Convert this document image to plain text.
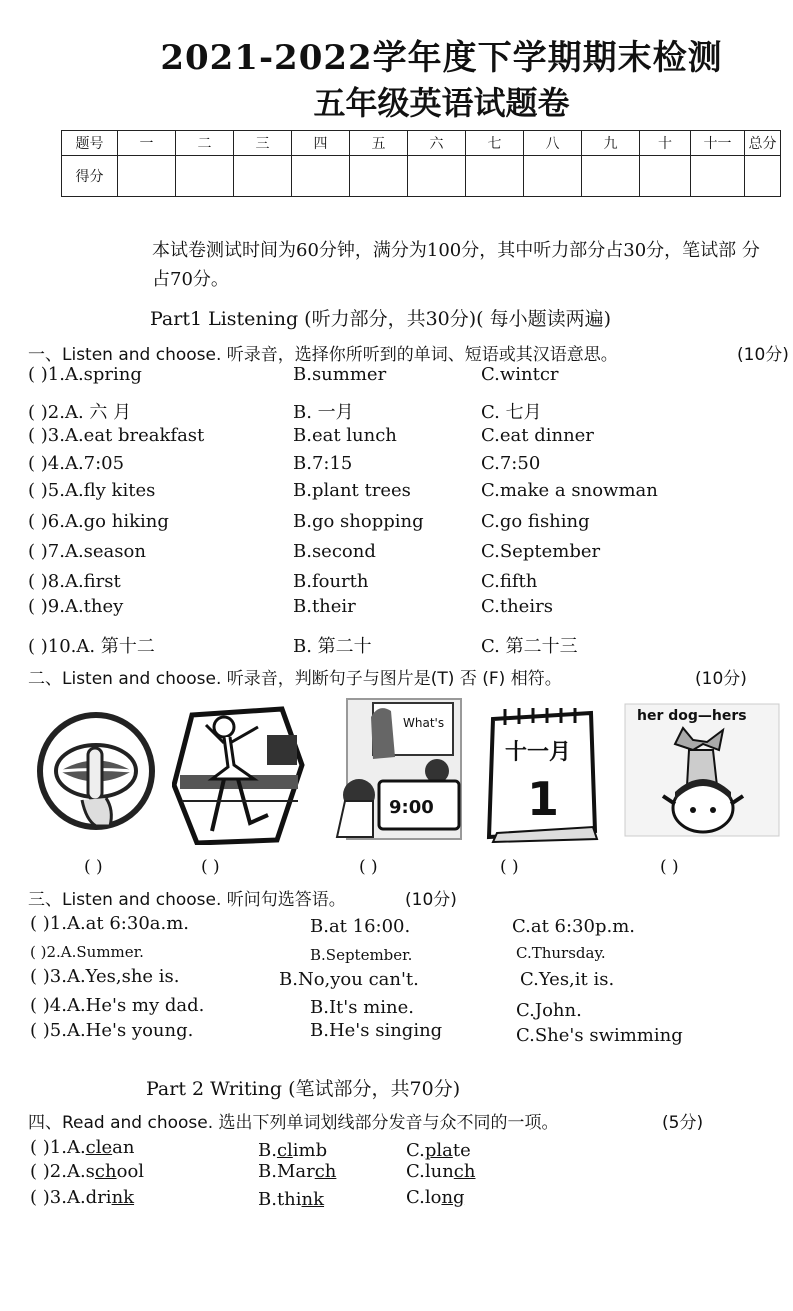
2021-2022学年度下学期期末检测
五年级英语试题卷
题号	一	二	三	四	五	六	七	八	九	十	十一	总分
得分												
本试卷测试时间为60分钟，满分为100分，其中听力部分占30分，笔试部 分占70分。
Part1 Listening (听力部分，共30分)( 每小题读两遍)
一、Listen and choose. 听录音，选择你所听到的单词、短语或其汉语意思。	(10分)
( )1.A.spring	B.summer	C.wintcr
( )2.A. 六 月	B. 一月	C. 七月
( )3.A.eat breakfast	B.eat lunch	C.eat dinner
( )4.A.7:05	B.7:15	C.7:50
( )5.A.fly kites	B.plant trees	C.make a snowman
( )6.A.go hiking	B.go shopping	C.go fishing
( )7.A.season	B.second	C.September
( )8.A.first	B.fourth	C.fifth
( )9.A.they	B.their	C.theirs
( )10.A. 第十二	B. 第二十	C. 第二十三
二、Listen and choose. 听录音，判断句子与图片是(T) 否 (F) 相符。	(10分)
What's
9:00
十一月
1
her dog—hers
( )	( )	( )	( )	( )
三、Listen and choose. 听问句选答语。	(10分)
( )1.A.at 6:30a.m.	B.at 16:00.	C.at 6:30p.m.
( )2.A.Summer.	B.September.	C.Thursday.
( )3.A.Yes,she is.	B.No,you can't.	C.Yes,it is.
( )4.A.He's my dad.	B.It's mine.	C.John.
( )5.A.He's young.	B.He's singing	C.She's swimming
Part 2 Writing (笔试部分，共70分)
四、Read and choose. 选出下列单词划线部分发音与众不同的一项。	(5分)
( )1.A.clean	B.climb	C.plate
( )2.A.school	B.March	C.lunch
( )3.A.drink	B.think	C.long
